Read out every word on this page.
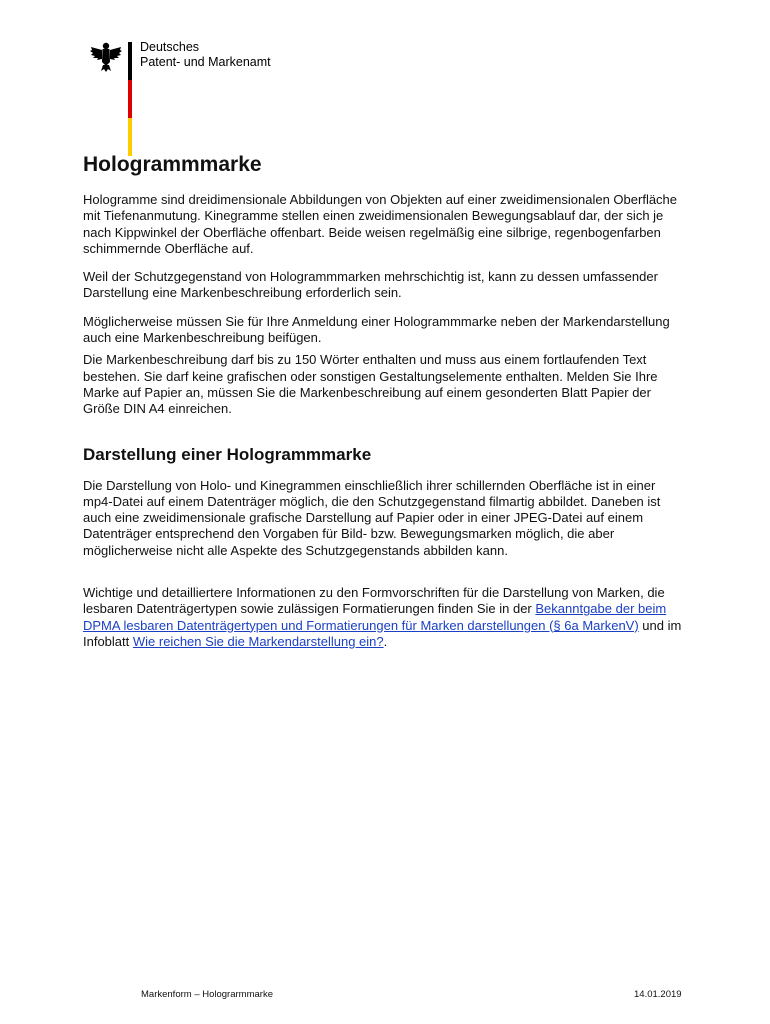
Deutsches
Patent- und Markenamt
Hologrammmarke

Hologramme sind dreidimensionale Abbildungen von Objekten auf einer zweidimensionalen Oberfläche mit Tiefenanmutung. Kinegramme stellen einen zweidimensionalen Bewegungsablauf dar, der sich je nach Kippwinkel der Oberfläche offenbart. Beide weisen regelmäßig eine silbrige, regenbogenfarben schimmernde Oberfläche auf.

Weil der Schutzgegenstand von Hologrammmarken mehrschichtig ist, kann zu dessen umfassender Darstellung eine Markenbeschreibung erforderlich sein.

Möglicherweise müssen Sie für Ihre Anmeldung einer Hologrammmarke neben der Markendarstellung auch eine Markenbeschreibung beifügen.

Die Markenbeschreibung darf bis zu 150 Wörter enthalten und muss aus einem fortlaufenden Text bestehen. Sie darf keine grafischen oder sonstigen Gestaltungselemente enthalten. Melden Sie Ihre Marke auf Papier an, müssen Sie die Markenbeschreibung auf einem gesonderten Blatt Papier der Größe DIN A4 einreichen.

Darstellung einer Hologrammmarke

Die Darstellung von Holo- und Kinegrammen einschließlich ihrer schillernden Oberfläche ist in einer mp4-Datei auf einem Datenträger möglich, die den Schutzgegenstand filmartig abbildet. Daneben ist auch eine zweidimensionale grafische Darstellung auf Papier oder in einer JPEG-Datei auf einem Datenträger entsprechend den Vorgaben für Bild- bzw. Bewegungsmarken möglich, die aber möglicherweise nicht alle Aspekte des Schutzgegenstands abbilden kann.

Wichtige und detailliertere Informationen zu den Formvorschriften für die Darstellung von Marken, die lesbaren Datenträgertypen sowie zulässigen Formatierungen finden Sie in der Bekanntgabe der beim DPMA lesbaren Datenträgertypen und Formatierungen für Marken darstellungen (§ 6a MarkenV) und im Infoblatt Wie reichen Sie die Markendarstellung ein?.

Markenform – Holograrmmarke	14.01.2019
